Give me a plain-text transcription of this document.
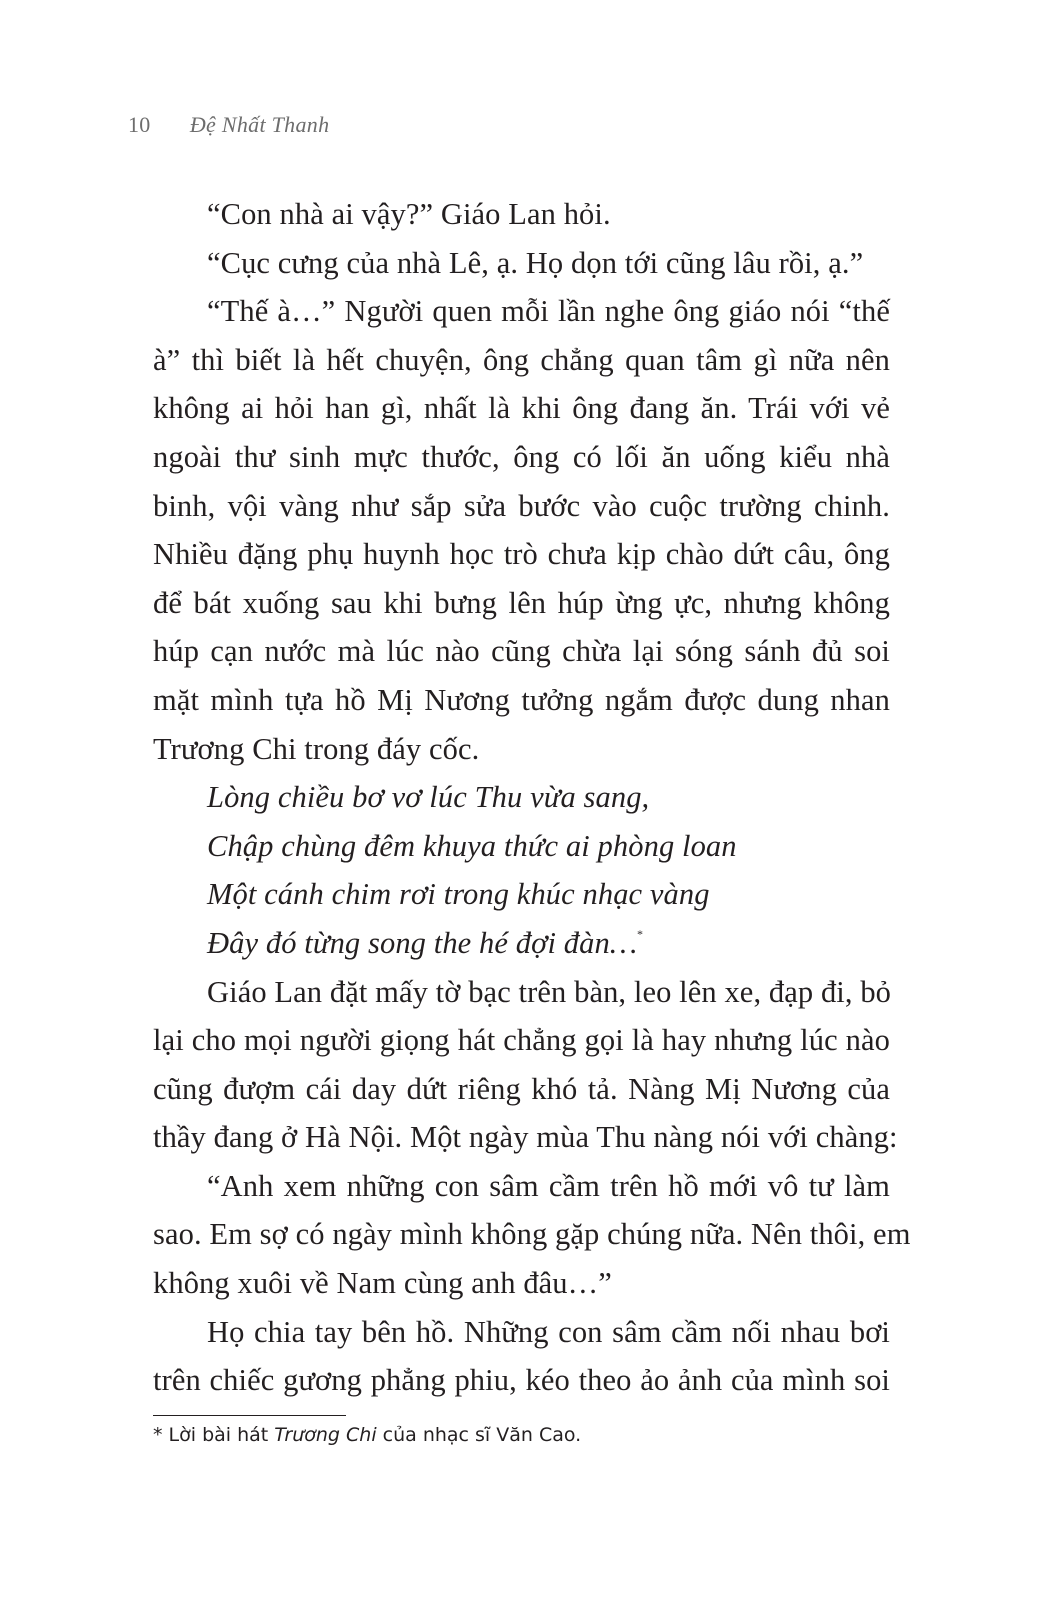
10 Đệ Nhất Thanh
“Con nhà ai vậy?” Giáo Lan hỏi.
“Cục cưng của nhà Lê, ạ. Họ dọn tới cũng lâu rồi, ạ.”
“Thế à…” Người quen mỗi lần nghe ông giáo nói “thế
à” thì biết là hết chuyện, ông chẳng quan tâm gì nữa nên
không ai hỏi han gì, nhất là khi ông đang ăn. Trái với vẻ
ngoài thư sinh mực thước, ông có lối ăn uống kiểu nhà
binh, vội vàng như sắp sửa bước vào cuộc trường chinh.
Nhiều đặng phụ huynh học trò chưa kịp chào dứt câu, ông
để bát xuống sau khi bưng lên húp ừng ực, nhưng không
húp cạn nước mà lúc nào cũng chừa lại sóng sánh đủ soi
mặt mình tựa hồ Mị Nương tưởng ngắm được dung nhan
Trương Chi trong đáy cốc.
Lòng chiều bơ vơ lúc Thu vừa sang,
Chập chùng đêm khuya thức ai phòng loan
Một cánh chim rơi trong khúc nhạc vàng
Đây đó từng song the hé đợi đàn…*
Giáo Lan đặt mấy tờ bạc trên bàn, leo lên xe, đạp đi, bỏ
lại cho mọi người giọng hát chẳng gọi là hay nhưng lúc nào
cũng đượm cái day dứt riêng khó tả. Nàng Mị Nương của
thầy đang ở Hà Nội. Một ngày mùa Thu nàng nói với chàng:
“Anh xem những con sâm cầm trên hồ mới vô tư làm
sao. Em sợ có ngày mình không gặp chúng nữa. Nên thôi, em
không xuôi về Nam cùng anh đâu…”
Họ chia tay bên hồ. Những con sâm cầm nối nhau bơi
trên chiếc gương phẳng phiu, kéo theo ảo ảnh của mình soi
* Lời bài hát Trương Chi của nhạc sĩ Văn Cao.
